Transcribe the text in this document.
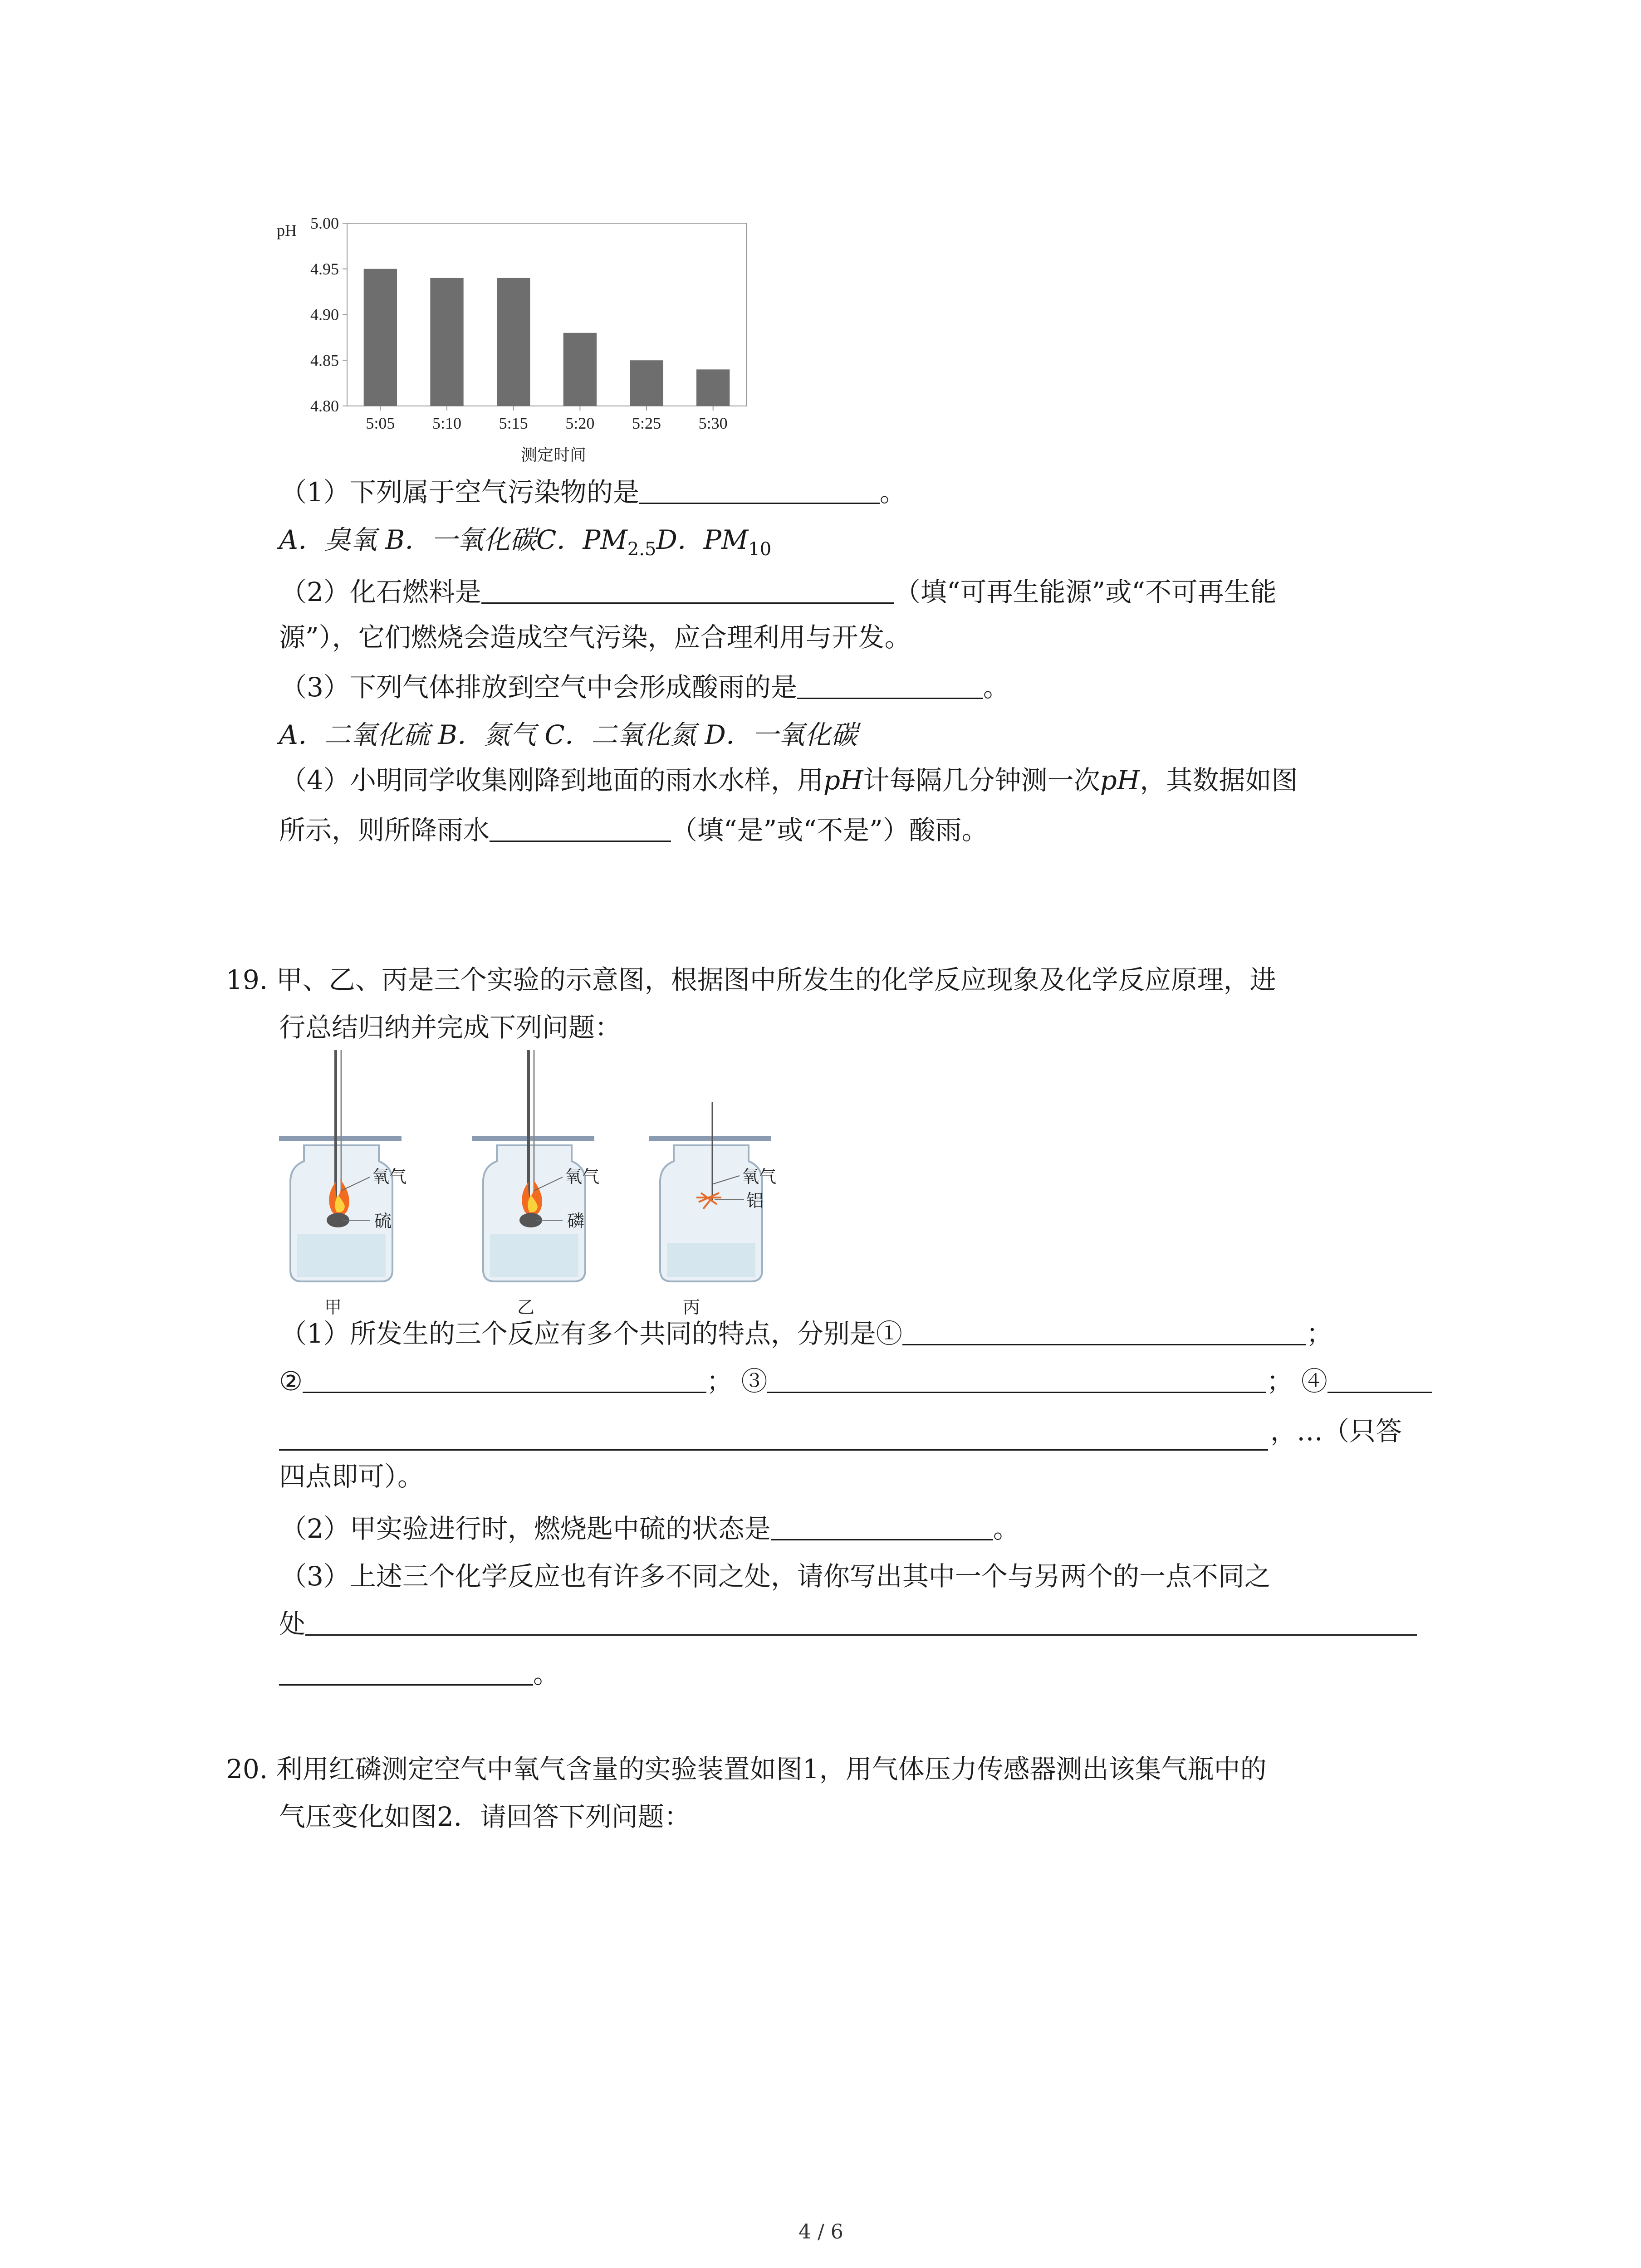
pH 5.00
4.95
4.90
4.85
4.80
5:05 5:10 5:15 5:20 5:25 5:30
测定时间
（1）下列属于空气污染物的是	。
A．臭氧 B．一氧化碳C．$PM_{2.5}D$．$PM_{10}$
（2）化石燃料是	（填“可再生能源”或“不可再生能
源”），它们燃烧会造成空气污染，应合理利用与开发。
（3）下列气体排放到空气中会形成酸雨的是	。
A．二氧化硫 B．氮气 C．二氧化氮 D．一氧化碳
（4）小明同学收集刚降到地面的雨水水样，用pH计每隔几分钟测一次pH，其数据如图
所示，则所降雨水	（填“是”或“不是”）酸雨。
19. 甲、乙、丙是三个实验的示意图，根据图中所发生的化学反应现象及化学反应原理，进
行总结归纳并完成下列问题：
氧气
硫
甲
氧气
磷
乙
氧气
铝
丙
（1）所发生的三个反应有多个共同的特点，分别是①	；
②	； ③	； ④
，…（只答
四点即可）。
（2）甲实验进行时，燃烧匙中硫的状态是	。
（3）上述三个化学反应也有许多不同之处，请你写出其中一个与另两个的一点不同之
处
。
20. 利用红磷测定空气中氧气含量的实验装置如图1，用气体压力传感器测出该集气瓶中的
气压变化如图2．请回答下列问题：
4 / 6
